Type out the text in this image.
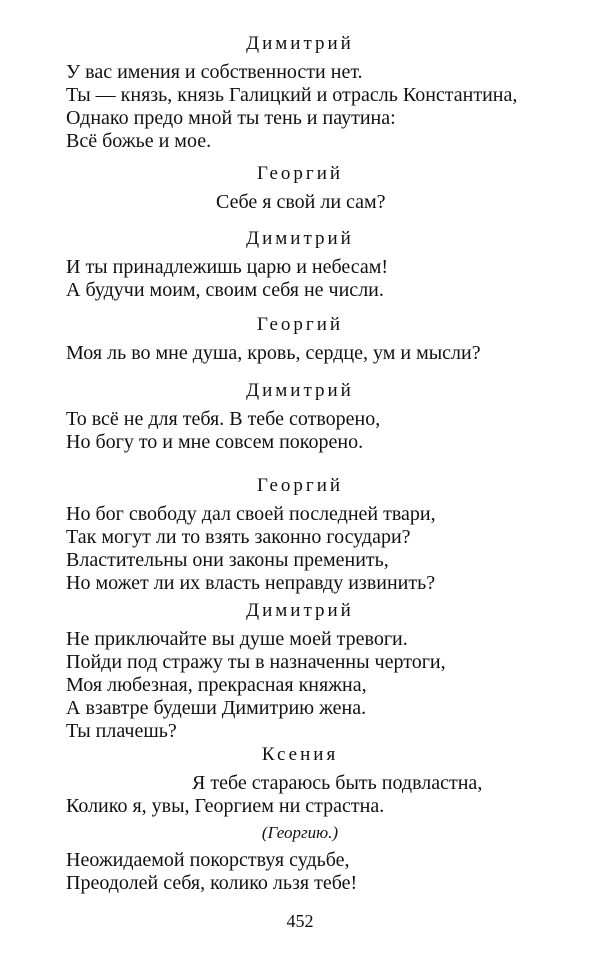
Димитрий
У вас имения и собственности нет.
Ты — князь, князь Галицкий и отрасль Константина,
Однако предо мной ты тень и паутина:
Всё божье и мое.
Георгий
Себе я свой ли сам?
Димитрий
И ты принадлежишь царю и небесам!
А будучи моим, своим себя не числи.
Георгий
Моя ль во мне душа, кровь, сердце, ум и мысли?
Димитрий
То всё не для тебя. В тебе сотворено,
Но богу то и мне совсем покорено.
Георгий
Но бог свободу дал своей последней твари,
Так могут ли то взять законно государи?
Властительны они законы пременить,
Но может ли их власть неправду извинить?
Димитрий
Не приключайте вы душе моей тревоги.
Пойди под стражу ты в назначенны чертоги,
Моя любезная, прекрасная княжна,
А взавтре будеши Димитрию жена.
Ты плачешь?
Ксения
Я тебе стараюсь быть подвластна,
Колико я, увы, Георгием ни страстна.
(Георгию.)
Неожидаемой покорствуя судьбе,
Преодолей себя, колико льзя тебе!
452
